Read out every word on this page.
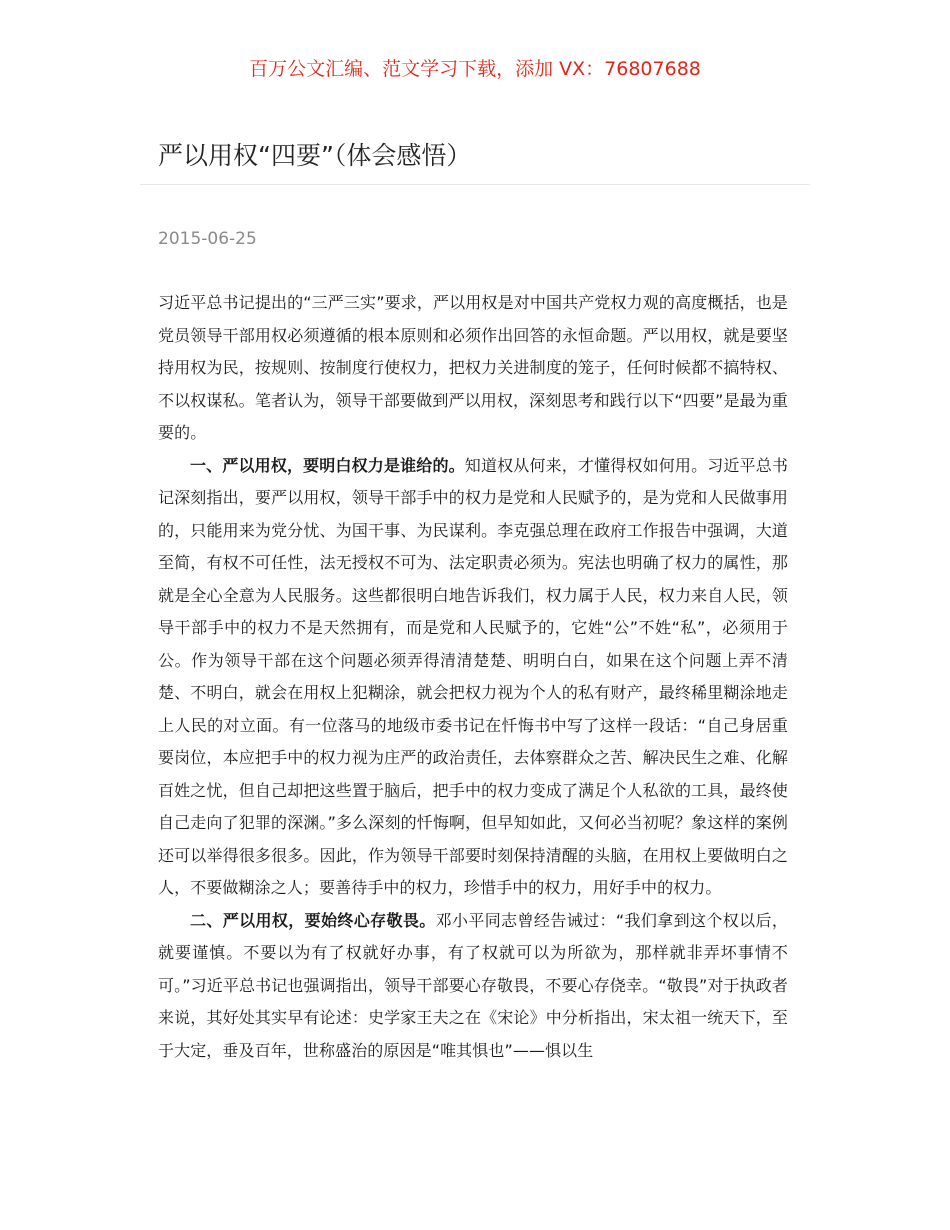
百万公文汇编、范文学习下载，添加 VX：76807688
严以用权“四要”（体会感悟）
2015-06-25

习近平总书记提出的“三严三实”要求，严以用权是对中国共产党权力观的高度概括，也是党员领导干部用权必须遵循的根本原则和必须作出回答的永恒命题。严以用权，就是要坚持用权为民，按规则、按制度行使权力，把权力关进制度的笼子，任何时候都不搞特权、不以权谋私。笔者认为，领导干部要做到严以用权，深刻思考和践行以下“四要”是最为重要的。

一、严以用权，要明白权力是谁给的。知道权从何来，才懂得权如何用。习近平总书记深刻指出，要严以用权，领导干部手中的权力是党和人民赋予的，是为党和人民做事用的，只能用来为党分忧、为国干事、为民谋利。李克强总理在政府工作报告中强调，大道至简，有权不可任性，法无授权不可为、法定职责必须为。宪法也明确了权力的属性，那就是全心全意为人民服务。这些都很明白地告诉我们，权力属于人民，权力来自人民，领导干部手中的权力不是天然拥有，而是党和人民赋予的，它姓“公”不姓“私”，必须用于公。作为领导干部在这个问题必须弄得清清楚楚、明明白白，如果在这个问题上弄不清楚、不明白，就会在用权上犯糊涂，就会把权力视为个人的私有财产，最终稀里糊涂地走上人民的对立面。有一位落马的地级市委书记在忏悔书中写了这样一段话：“自己身居重要岗位，本应把手中的权力视为庄严的政治责任，去体察群众之苦、解决民生之难、化解百姓之忧，但自己却把这些置于脑后，把手中的权力变成了满足个人私欲的工具，最终使自己走向了犯罪的深渊。”多么深刻的忏悔啊，但早知如此，又何必当初呢？象这样的案例还可以举得很多很多。因此，作为领导干部要时刻保持清醒的头脑，在用权上要做明白之人，不要做糊涂之人；要善待手中的权力，珍惜手中的权力，用好手中的权力。

二、严以用权，要始终心存敬畏。邓小平同志曾经告诫过：“我们拿到这个权以后，就要谨慎。不要以为有了权就好办事，有了权就可以为所欲为，那样就非弄坏事情不可。”习近平总书记也强调指出，领导干部要心存敬畏，不要心存侥幸。“敬畏”对于执政者来说，其好处其实早有论述：史学家王夫之在《宋论》中分析指出，宋太祖一统天下，至于大定，垂及百年，世称盛治的原因是“唯其惧也”——惧以生
